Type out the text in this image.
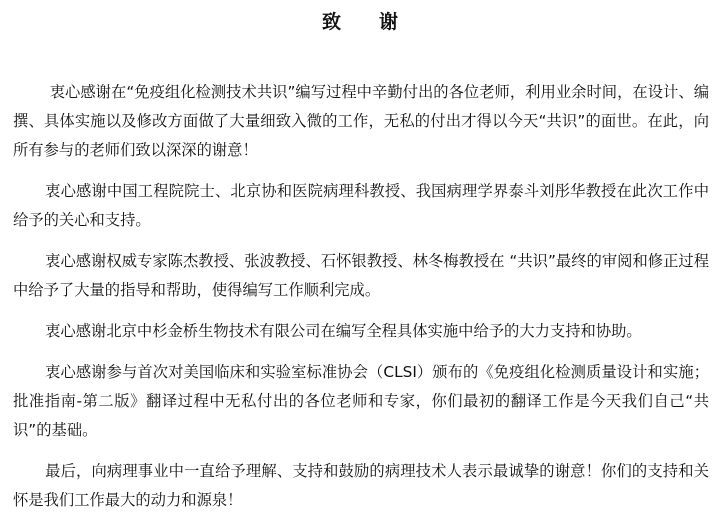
致　　谢

衷心感谢在“免疫组化检测技术共识”编写过程中辛勤付出的各位老师，利用业余时间，在设计、编撰、具体实施以及修改方面做了大量细致入微的工作，无私的付出才得以今天“共识”的面世。在此，向所有参与的老师们致以深深的谢意！

衷心感谢中国工程院院士、北京协和医院病理科教授、我国病理学界泰斗刘彤华教授在此次工作中给予的关心和支持。

衷心感谢权威专家陈杰教授、张波教授、石怀银教授、林冬梅教授在 “共识”最终的审阅和修正过程中给予了大量的指导和帮助，使得编写工作顺利完成。

衷心感谢北京中杉金桥生物技术有限公司在编写全程具体实施中给予的大力支持和协助。

衷心感谢参与首次对美国临床和实验室标准协会（CLSI）颁布的《免疫组化检测质量设计和实施；批准指南-第二版》翻译过程中无私付出的各位老师和专家，你们最初的翻译工作是今天我们自己“共识”的基础。

最后，向病理事业中一直给予理解、支持和鼓励的病理技术人表示最诚挚的谢意！你们的支持和关怀是我们工作最大的动力和源泉！
